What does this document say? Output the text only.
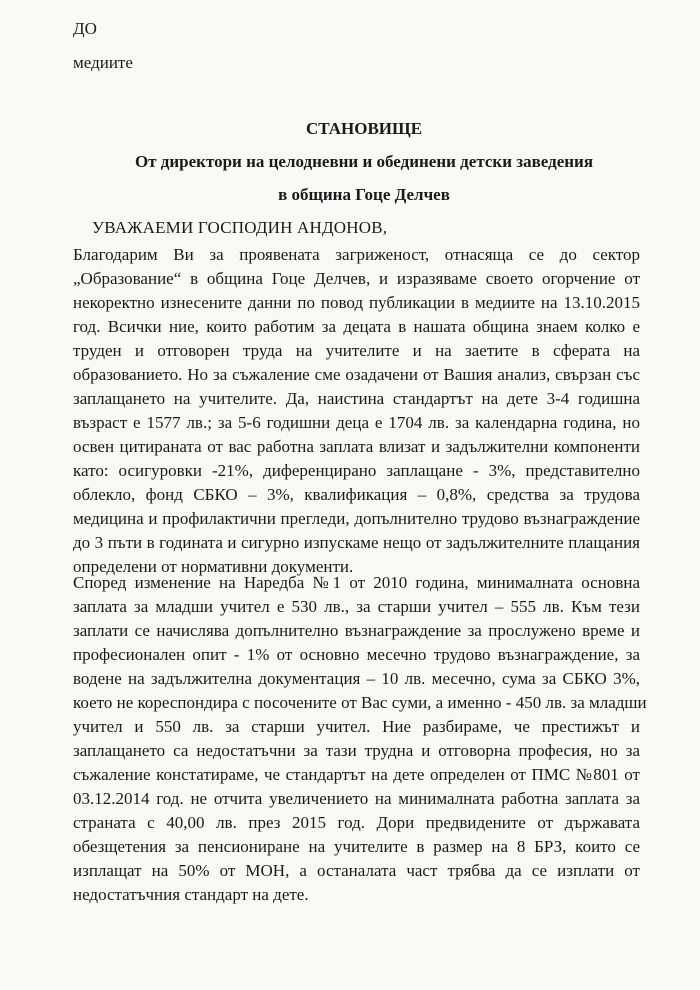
ДО
медиите
СТАНОВИЩЕ
От директори на целодневни и обединени детски заведения
в община Гоце Делчев
УВАЖАЕМИ ГОСПОДИН АНДОНОВ,
Благодарим Ви за проявената загриженост, отнасяща се до сектор
„Образование“ в община Гоце Делчев, и изразяваме своето огорчение от
некоректно изнесените данни по повод публикации в медиите на 13.10.2015
год. Всички ние, които работим за децата в нашата община знаем колко е
труден и отговорен труда на учителите и на заетите в сферата на
образованието. Но за съжаление сме озадачени от Вашия анализ, свързан със
заплащането на учителите. Да, наистина стандартът на дете 3-4 годишна
възраст е 1577 лв.; за 5-6 годишни деца е 1704 лв. за календарна година, но
освен цитираната от вас работна заплата влизат и задължителни компоненти
като: осигуровки -21%, диференцирано заплащане - 3%, представително
облекло, фонд СБКО – 3%, квалификация – 0,8%, средства за трудова
медицина и профилактични прегледи, допълнително трудово възнаграждение
до 3 пъти в годината и сигурно изпускаме нещо от задължителните плащания
определени от нормативни документи.
Според изменение на Наредба №1 от 2010 година, минималната основна
заплата за младши учител е 530 лв., за старши учител – 555 лв. Към тези
заплати се начислява допълнително възнаграждение за прослужено време и
професионален опит - 1% от основно месечно трудово възнаграждение, за
водене на задължителна документация – 10 лв. месечно, сума за СБКО 3%,
което не кореспондира с посочените от Вас суми, а именно - 450 лв. за младши
учител и 550 лв. за старши учител. Ние разбираме, че престижът и
заплащането са недостатъчни за тази трудна и отговорна професия, но за
съжаление констатираме, че стандартът на дете определен от ПМС №801 от
03.12.2014 год. не отчита увеличението на минималната работна заплата за
страната с 40,00 лв. през 2015 год. Дори предвидените от държавата
обезщетения за пенсиониране на учителите в размер на 8 БРЗ, които се
изплащат на 50% от МОН, а останалата част трябва да се изплати от
недостатъчния стандарт на дете.
